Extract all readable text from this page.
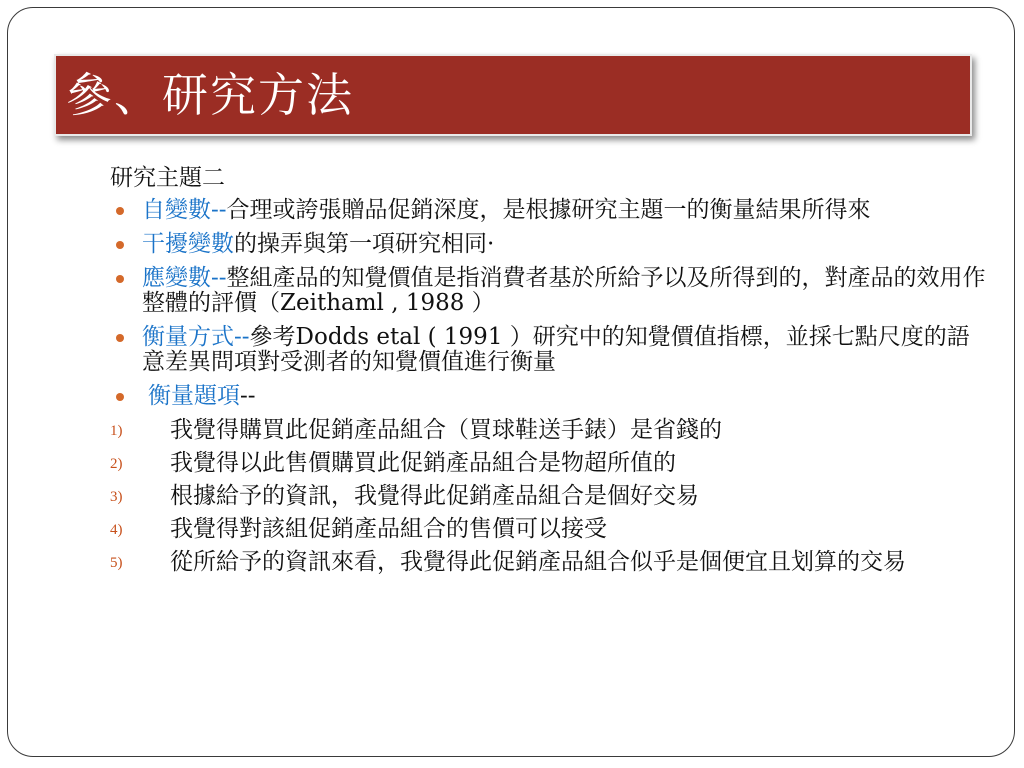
參、研究方法
研究主題二
自變數--合理或誇張贈品促銷深度，是根據研究主題一的衡量結果所得來
干擾變數的操弄與第一項研究相同·
應變數--整組產品的知覺價值是指消費者基於所給予以及所得到的，對產品的效用作整體的評價（Zeithaml , 1988 ）
衡量方式--參考Dodds etal ( 1991 ）研究中的知覺價值指標，並採七點尺度的語意差異問項對受測者的知覺價值進行衡量
衡量題項--
1) 我覺得購買此促銷產品組合（買球鞋送手錶）是省錢的
2) 我覺得以此售價購買此促銷產品組合是物超所值的
3) 根據給予的資訊，我覺得此促銷產品組合是個好交易
4) 我覺得對該組促銷產品組合的售價可以接受
5) 從所給予的資訊來看，我覺得此促銷產品組合似乎是個便宜且划算的交易
